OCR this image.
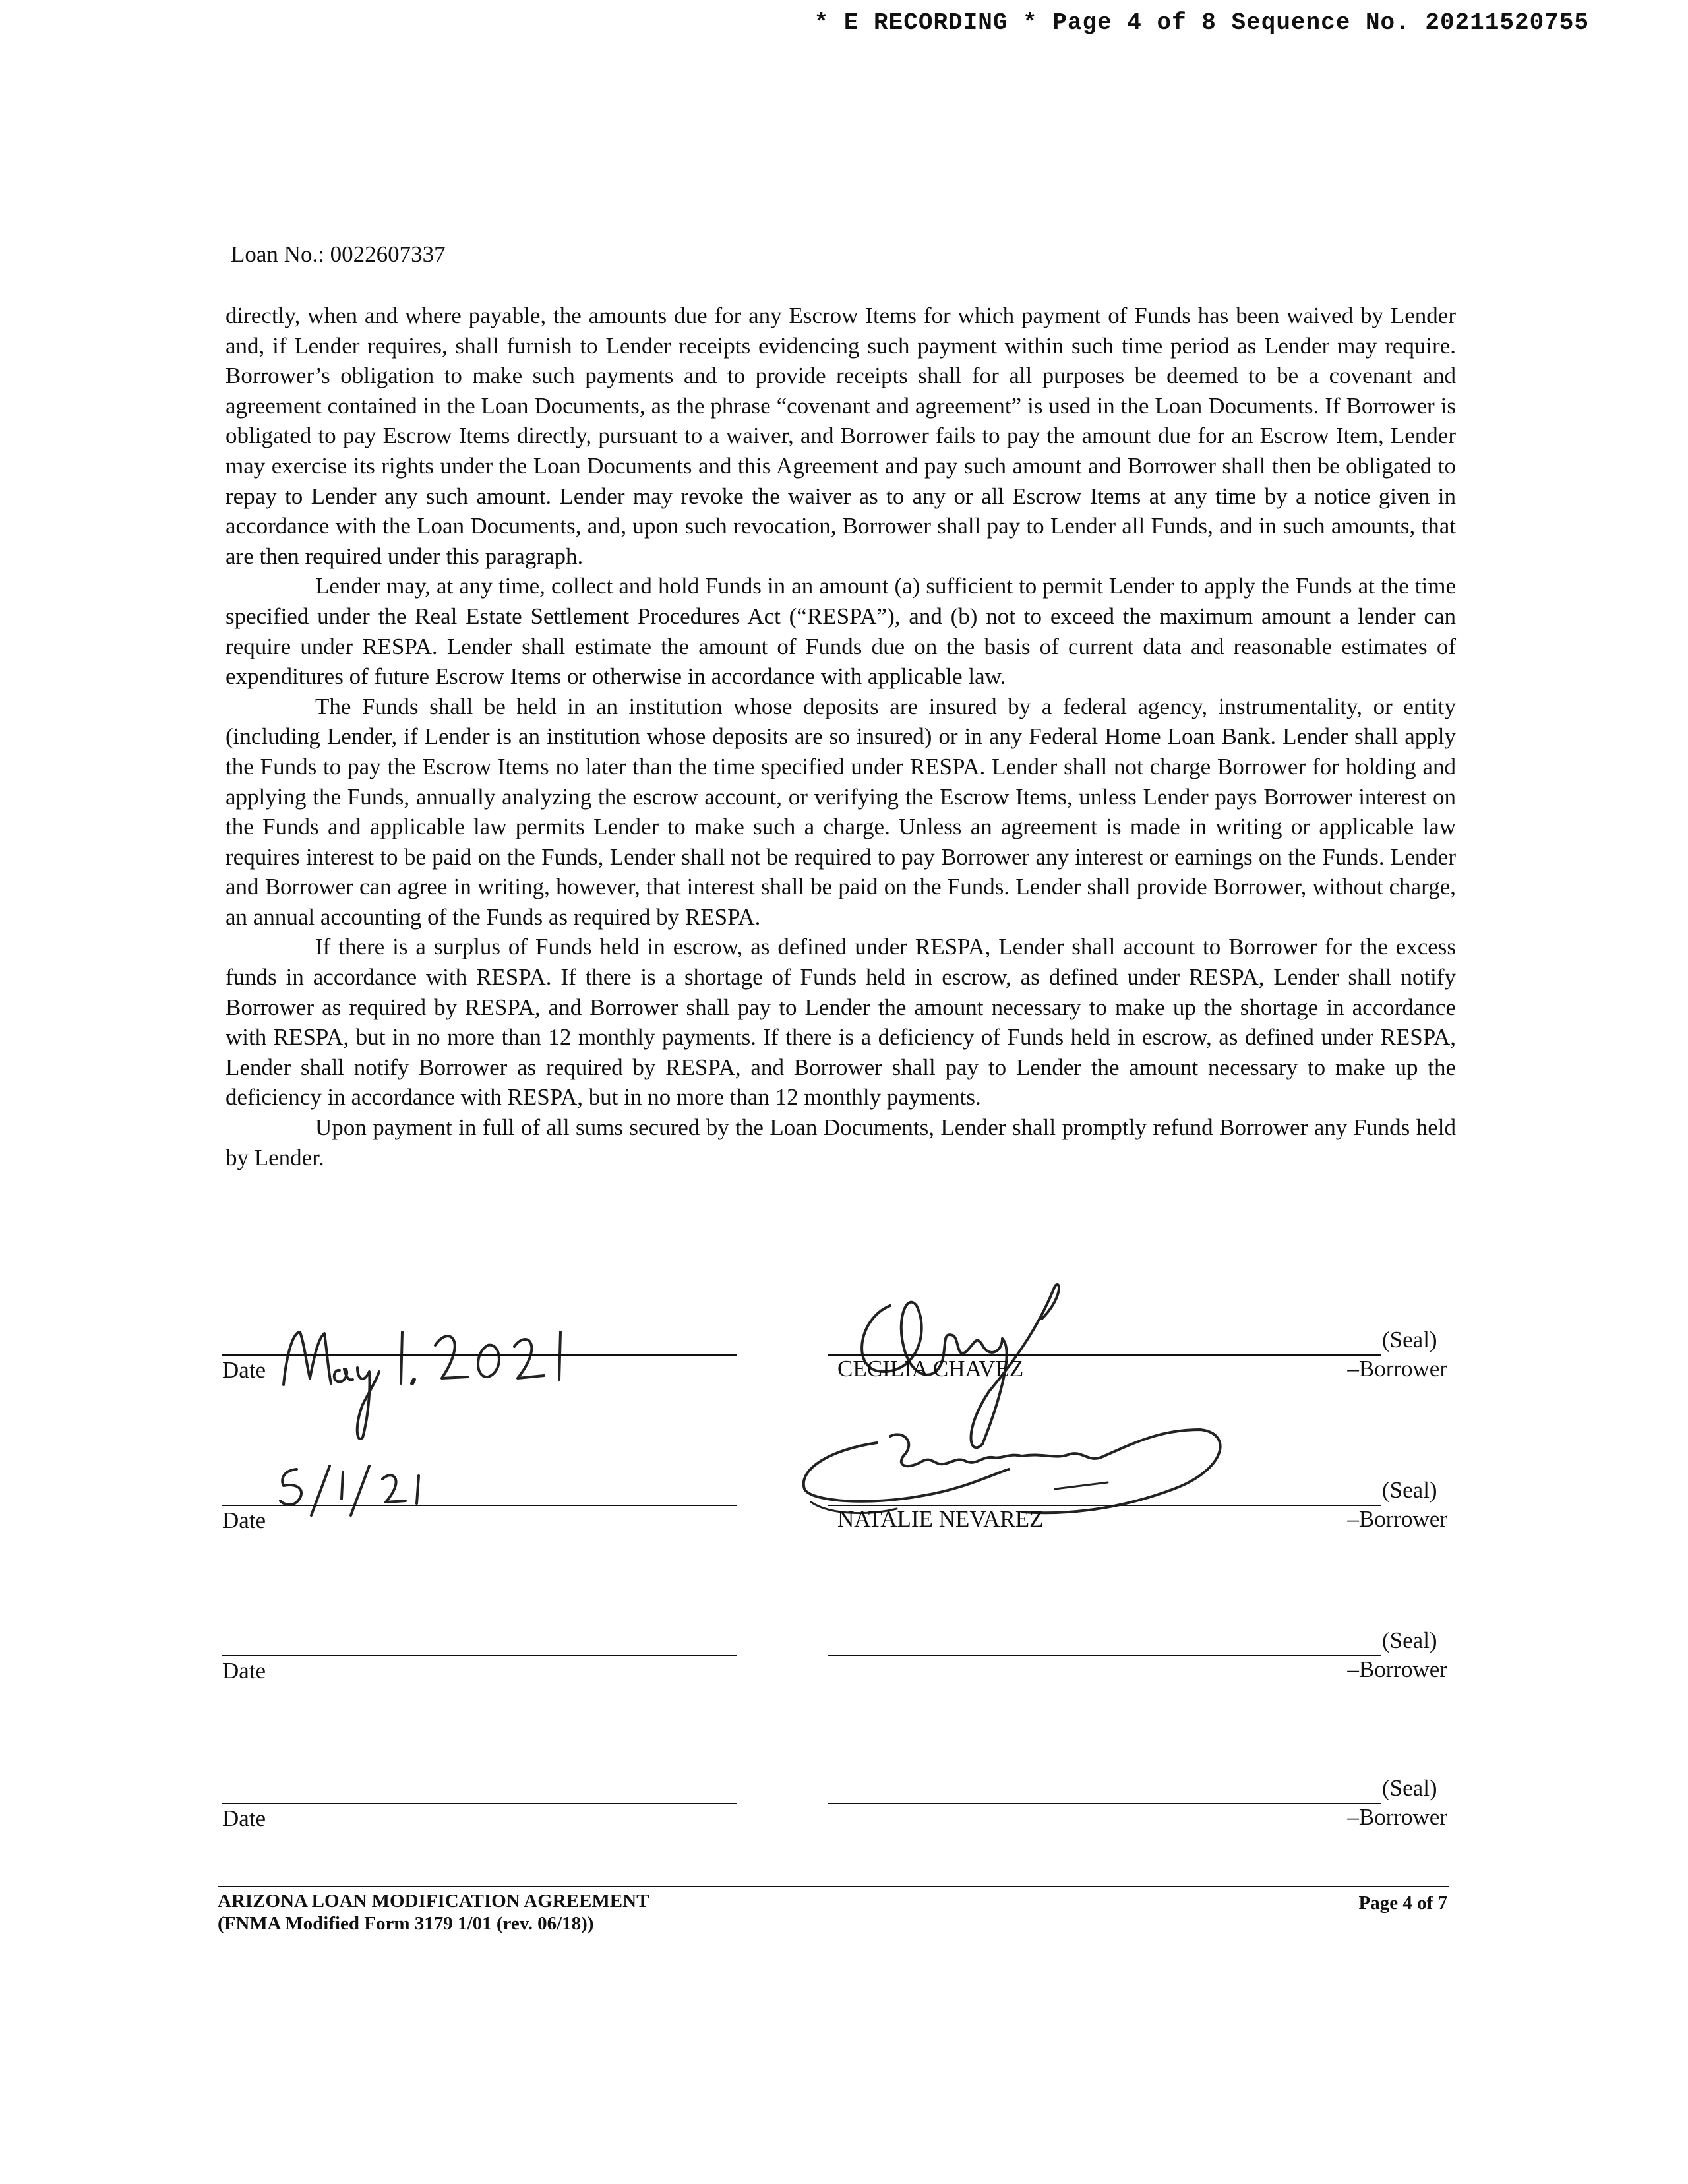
* E RECORDING * Page 4 of 8 Sequence No. 20211520755
Loan No.: 0022607337

directly, when and where payable, the amounts due for any Escrow Items for which payment of Funds has been waived by Lender and, if Lender requires, shall furnish to Lender receipts evidencing such payment within such time period as Lender may require. Borrower’s obligation to make such payments and to provide receipts shall for all purposes be deemed to be a covenant and agreement contained in the Loan Documents, as the phrase “covenant and agreement” is used in the Loan Documents. If Borrower is obligated to pay Escrow Items directly, pursuant to a waiver, and Borrower fails to pay the amount due for an Escrow Item, Lender may exercise its rights under the Loan Documents and this Agreement and pay such amount and Borrower shall then be obligated to repay to Lender any such amount. Lender may revoke the waiver as to any or all Escrow Items at any time by a notice given in accordance with the Loan Documents, and, upon such revocation, Borrower shall pay to Lender all Funds, and in such amounts, that are then required under this paragraph.

Lender may, at any time, collect and hold Funds in an amount (a) sufficient to permit Lender to apply the Funds at the time specified under the Real Estate Settlement Procedures Act (“RESPA”), and (b) not to exceed the maximum amount a lender can require under RESPA. Lender shall estimate the amount of Funds due on the basis of current data and reasonable estimates of expenditures of future Escrow Items or otherwise in accordance with applicable law.

The Funds shall be held in an institution whose deposits are insured by a federal agency, instrumentality, or entity (including Lender, if Lender is an institution whose deposits are so insured) or in any Federal Home Loan Bank. Lender shall apply the Funds to pay the Escrow Items no later than the time specified under RESPA. Lender shall not charge Borrower for holding and applying the Funds, annually analyzing the escrow account, or verifying the Escrow Items, unless Lender pays Borrower interest on the Funds and applicable law permits Lender to make such a charge. Unless an agreement is made in writing or applicable law requires interest to be paid on the Funds, Lender shall not be required to pay Borrower any interest or earnings on the Funds. Lender and Borrower can agree in writing, however, that interest shall be paid on the Funds. Lender shall provide Borrower, without charge, an annual accounting of the Funds as required by RESPA.

If there is a surplus of Funds held in escrow, as defined under RESPA, Lender shall account to Borrower for the excess funds in accordance with RESPA. If there is a shortage of Funds held in escrow, as defined under RESPA, Lender shall notify Borrower as required by RESPA, and Borrower shall pay to Lender the amount necessary to make up the shortage in accordance with RESPA, but in no more than 12 monthly payments. If there is a deficiency of Funds held in escrow, as defined under RESPA, Lender shall notify Borrower as required by RESPA, and Borrower shall pay to Lender the amount necessary to make up the deficiency in accordance with RESPA, but in no more than 12 monthly payments.

Upon payment in full of all sums secured by the Loan Documents, Lender shall promptly refund Borrower any Funds held by Lender.

Date
(Seal)
CECILIA CHAVEZ	–Borrower
Date
(Seal)
NATALIE NEVAREZ	–Borrower
Date
(Seal)
–Borrower
Date
(Seal)
–Borrower
ARIZONA LOAN MODIFICATION AGREEMENT
(FNMA Modified Form 3179 1/01 (rev. 06/18))
Page 4 of 7
